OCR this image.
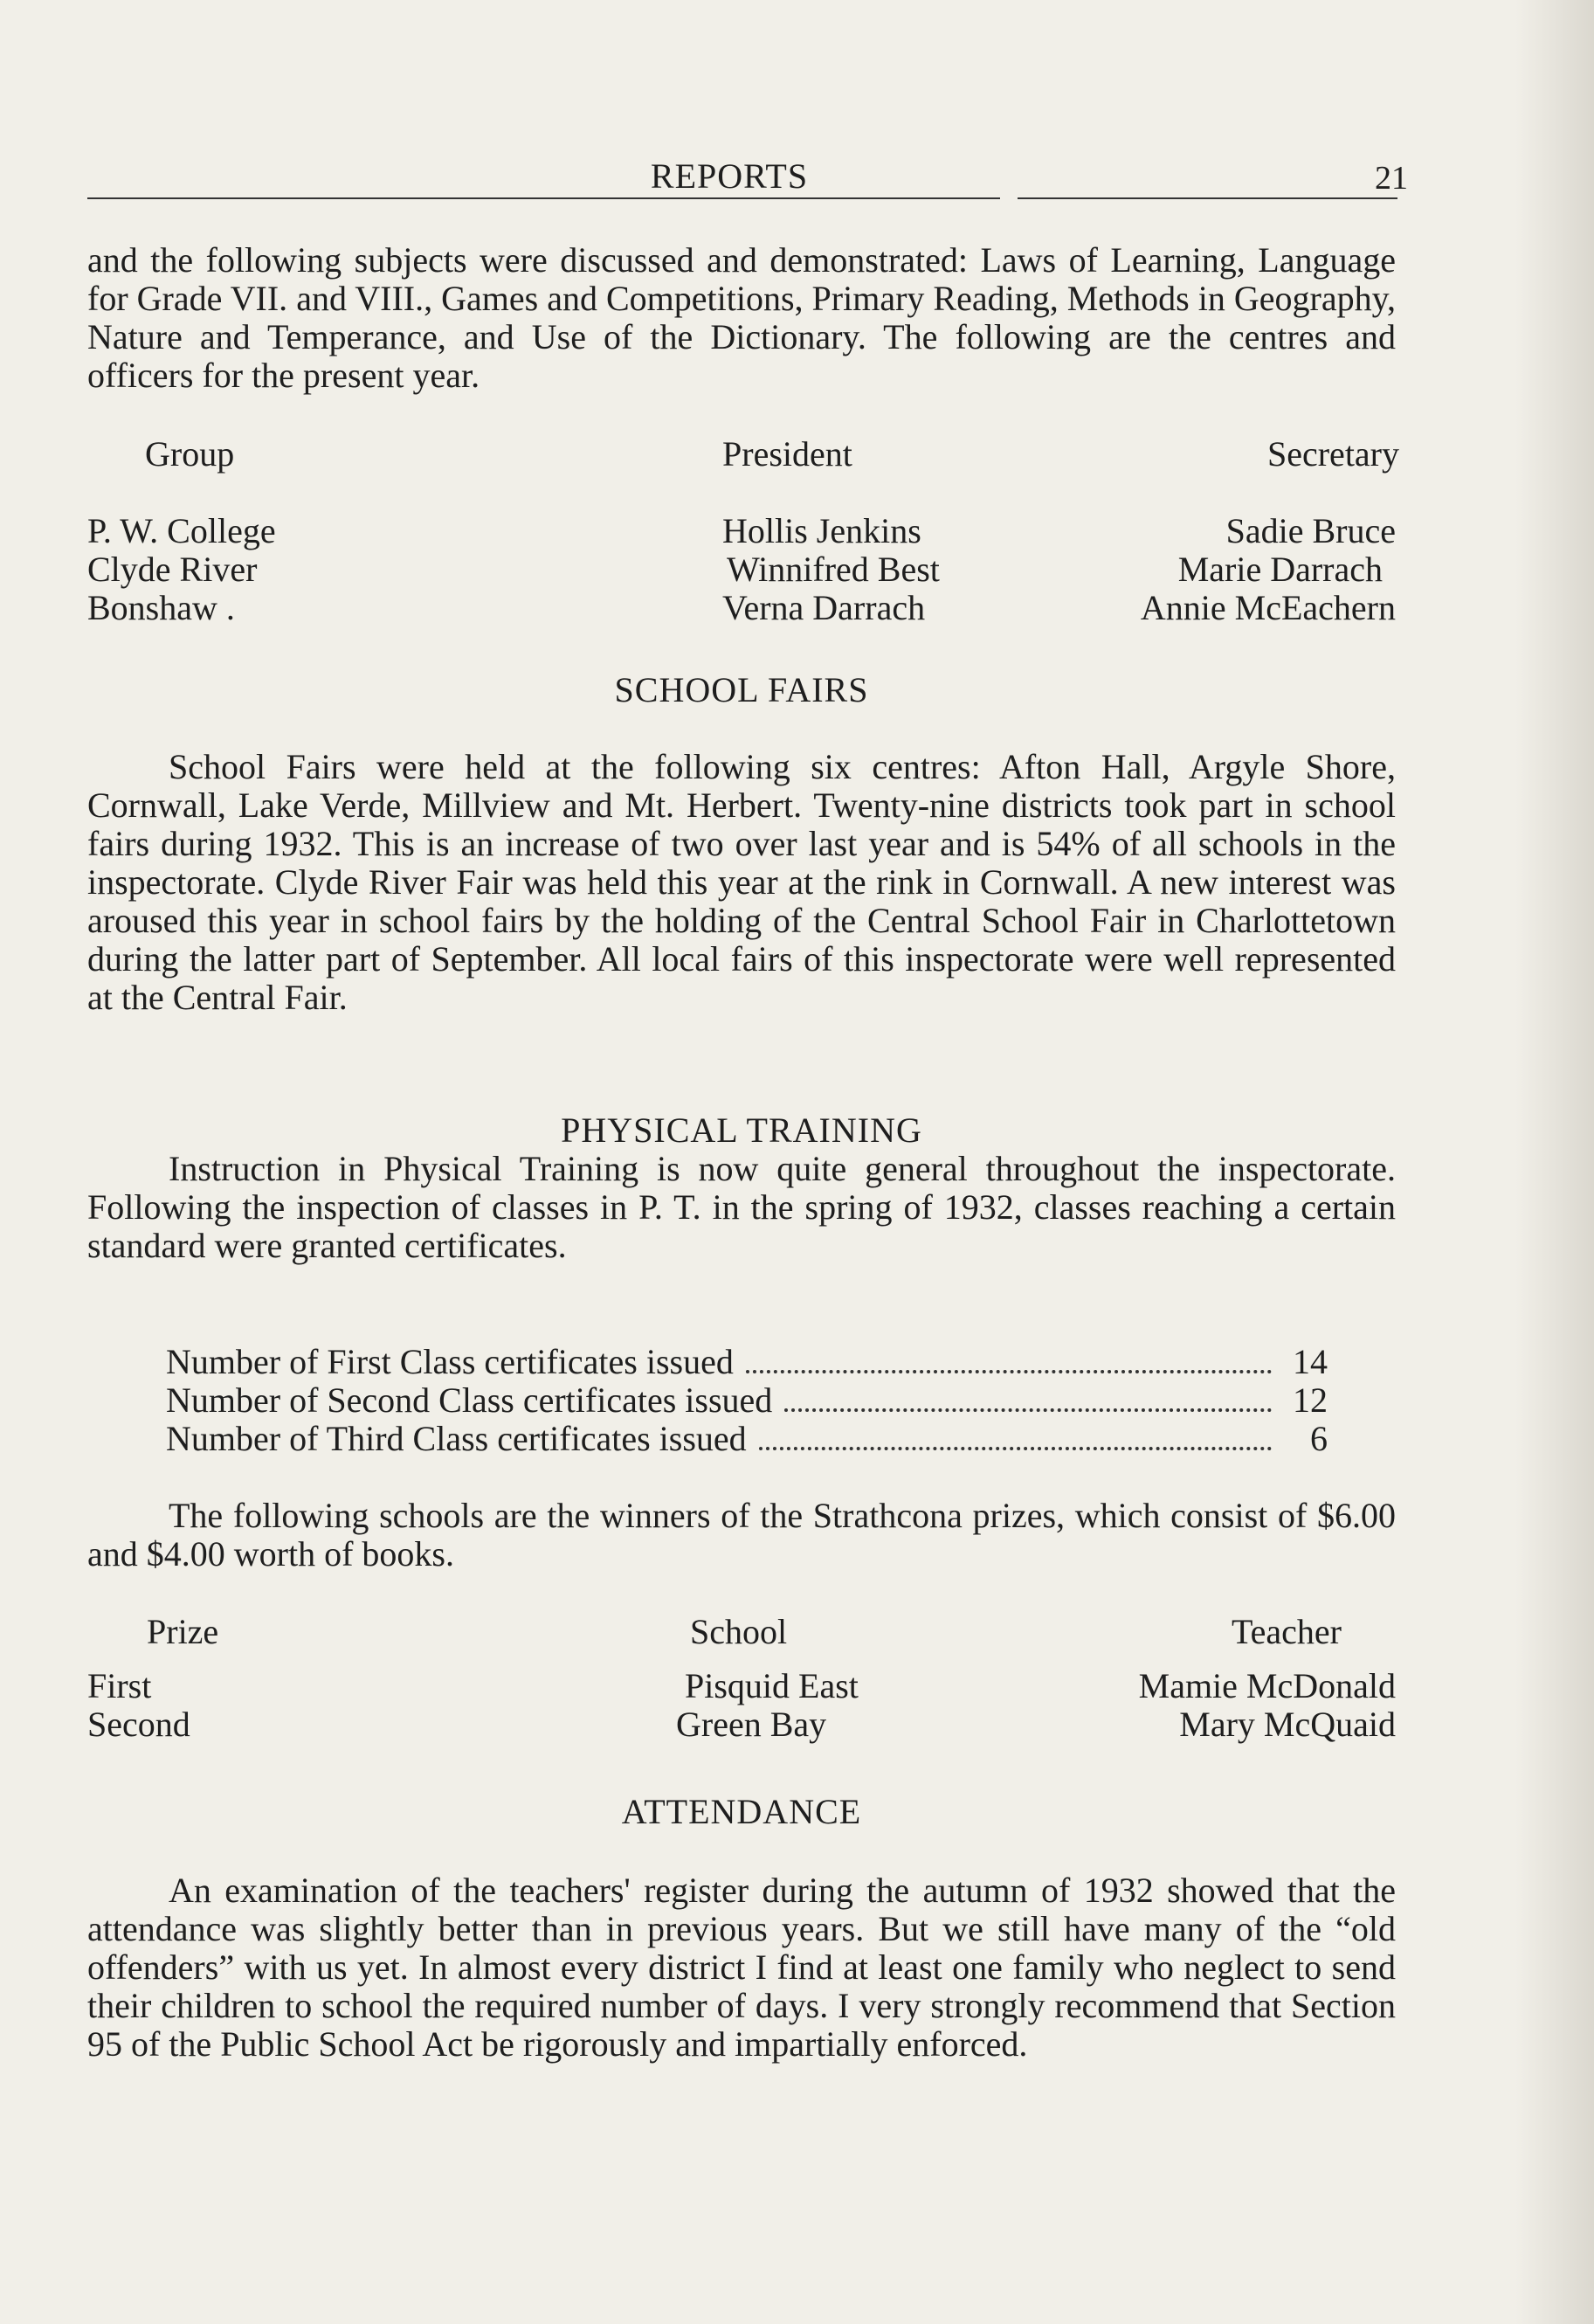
REPORTS	21

and the following subjects were discussed and demonstrated: Laws of Learning, Language for Grade VII. and VIII., Games and Competitions, Primary Reading, Methods in Geography, Nature and Temperance, and Use of the Dictionary. The following are the centres and officers for the present year.

Group	President	Secretary
P. W. College	Hollis Jenkins	Sadie Bruce
Clyde River	Winnifred Best	Marie Darrach
Bonshaw .	Verna Darrach	Annie McEachern
SCHOOL FAIRS

School Fairs were held at the following six centres: Afton Hall, Argyle Shore, Cornwall, Lake Verde, Millview and Mt. Herbert. Twenty-nine districts took part in school fairs during 1932. This is an increase of two over last year and is 54% of all schools in the inspectorate. Clyde River Fair was held this year at the rink in Cornwall. A new interest was aroused this year in school fairs by the holding of the Central School Fair in Charlottetown during the latter part of September. All local fairs of this inspectorate were well represented at the Central Fair.

PHYSICAL TRAINING

Instruction in Physical Training is now quite general throughout the inspectorate. Following the inspection of classes in P. T. in the spring of 1932, classes reaching a certain standard were granted certificates.

Number of First Class certificates issued	14
Number of Second Class certificates issued	12
Number of Third Class certificates issued	6

The following schools are the winners of the Strathcona prizes, which consist of $6.00 and $4.00 worth of books.

Prize	School	Teacher
First	Pisquid East	Mamie McDonald
Second	Green Bay	Mary McQuaid
ATTENDANCE

An examination of the teachers' register during the autumn of 1932 showed that the attendance was slightly better than in previous years. But we still have many of the “old offenders” with us yet. In almost every district I find at least one family who neglect to send their children to school the required number of days. I very strongly recommend that Section 95 of the Public School Act be rigorously and impartially enforced.
